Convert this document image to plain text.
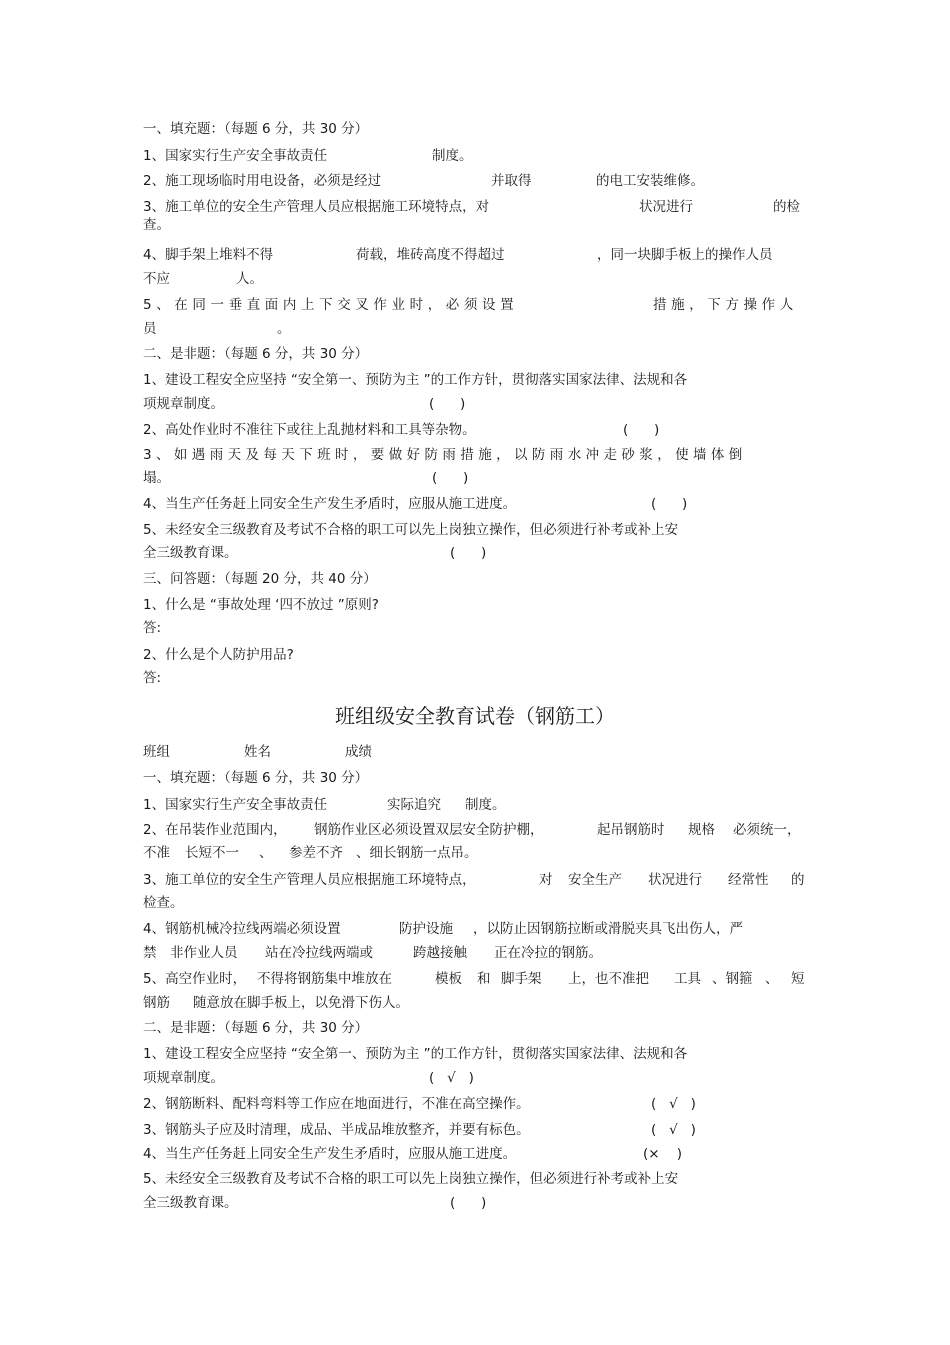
一、填充题：（每题 6 分，共 30 分）
1、国家实行生产安全事故责任	制度。
2、施工现场临时用电设备，必须是经过	并取得	的电工安装维修。
3、施工单位的安全生产管理人员应根据施工环境特点，对	状况进行	的检
查。
4、脚手架上堆料不得	荷载，堆砖高度不得超过	，同一块脚手板上的操作人员
不应	人。
5、在同一垂直面内上下交叉作业时，必须设置	措施，下方操作人
员	。
二、是非题：（每题 6 分，共 30 分）
1、建设工程安全应坚持 “安全第一、预防为主 ”的工作方针，贯彻落实国家法律、法规和各
项规章制度。	(      )
2、高处作业时不准往下或往上乱抛材料和工具等杂物。	(      )
3、如遇雨天及每天下班时，要做好防雨措施，以防雨水冲走砂浆，使墙体倒
塌。	(      )
4、当生产任务赶上同安全生产发生矛盾时，应服从施工进度。	(      )
5、未经安全三级教育及考试不合格的职工可以先上岗独立操作，但必须进行补考或补上安
全三级教育课。	(      )
三、问答题：（每题 20 分，共 40 分）
1、什么是 “事故处理 ‘四不放过 ”原则?
答:
2、什么是个人防护用品?
答:
班组级安全教育试卷（钢筋工）
班组	姓名	成绩
一、填充题：（每题 6 分，共 30 分）
1、国家实行生产安全事故责任	实际追究 制度。
2、在吊装作业范围内， 钢筋作业区必须设置双层安全防护棚，	起吊钢筋时 规格 必须统一，
不准 长短不一 、 参差不齐 、细长钢筋一点吊。
3、施工单位的安全生产管理人员应根据施工环境特点，	对 安全生产 状况进行 经常性 的
检查。
4、钢筋机械冷拉线两端必须设置	防护设施 ，以防止因钢筋拉断或滑脱夹具飞出伤人，严
禁 非作业人员 站在冷拉线两端或	跨越接触 正在冷拉的钢筋。
5、高空作业时， 不得将钢筋集中堆放在	模板 和 脚手架 上，也不准把 工具 、钢箍 、 短
钢筋 随意放在脚手板上，以免滑下伤人。
二、是非题：（每题 6 分，共 30 分）
1、建设工程安全应坚持 “安全第一、预防为主 ”的工作方针，贯彻落实国家法律、法规和各
项规章制度。	(   √   )
2、钢筋断料、配料弯料等工作应在地面进行，不准在高空操作。	(   √   )
3、钢筋头子应及时清理，成品、半成品堆放整齐，并要有标色。	(   √   )
4、当生产任务赶上同安全生产发生矛盾时，应服从施工进度。	(×    )
5、未经安全三级教育及考试不合格的职工可以先上岗独立操作，但必须进行补考或补上安
全三级教育课。	(      )
